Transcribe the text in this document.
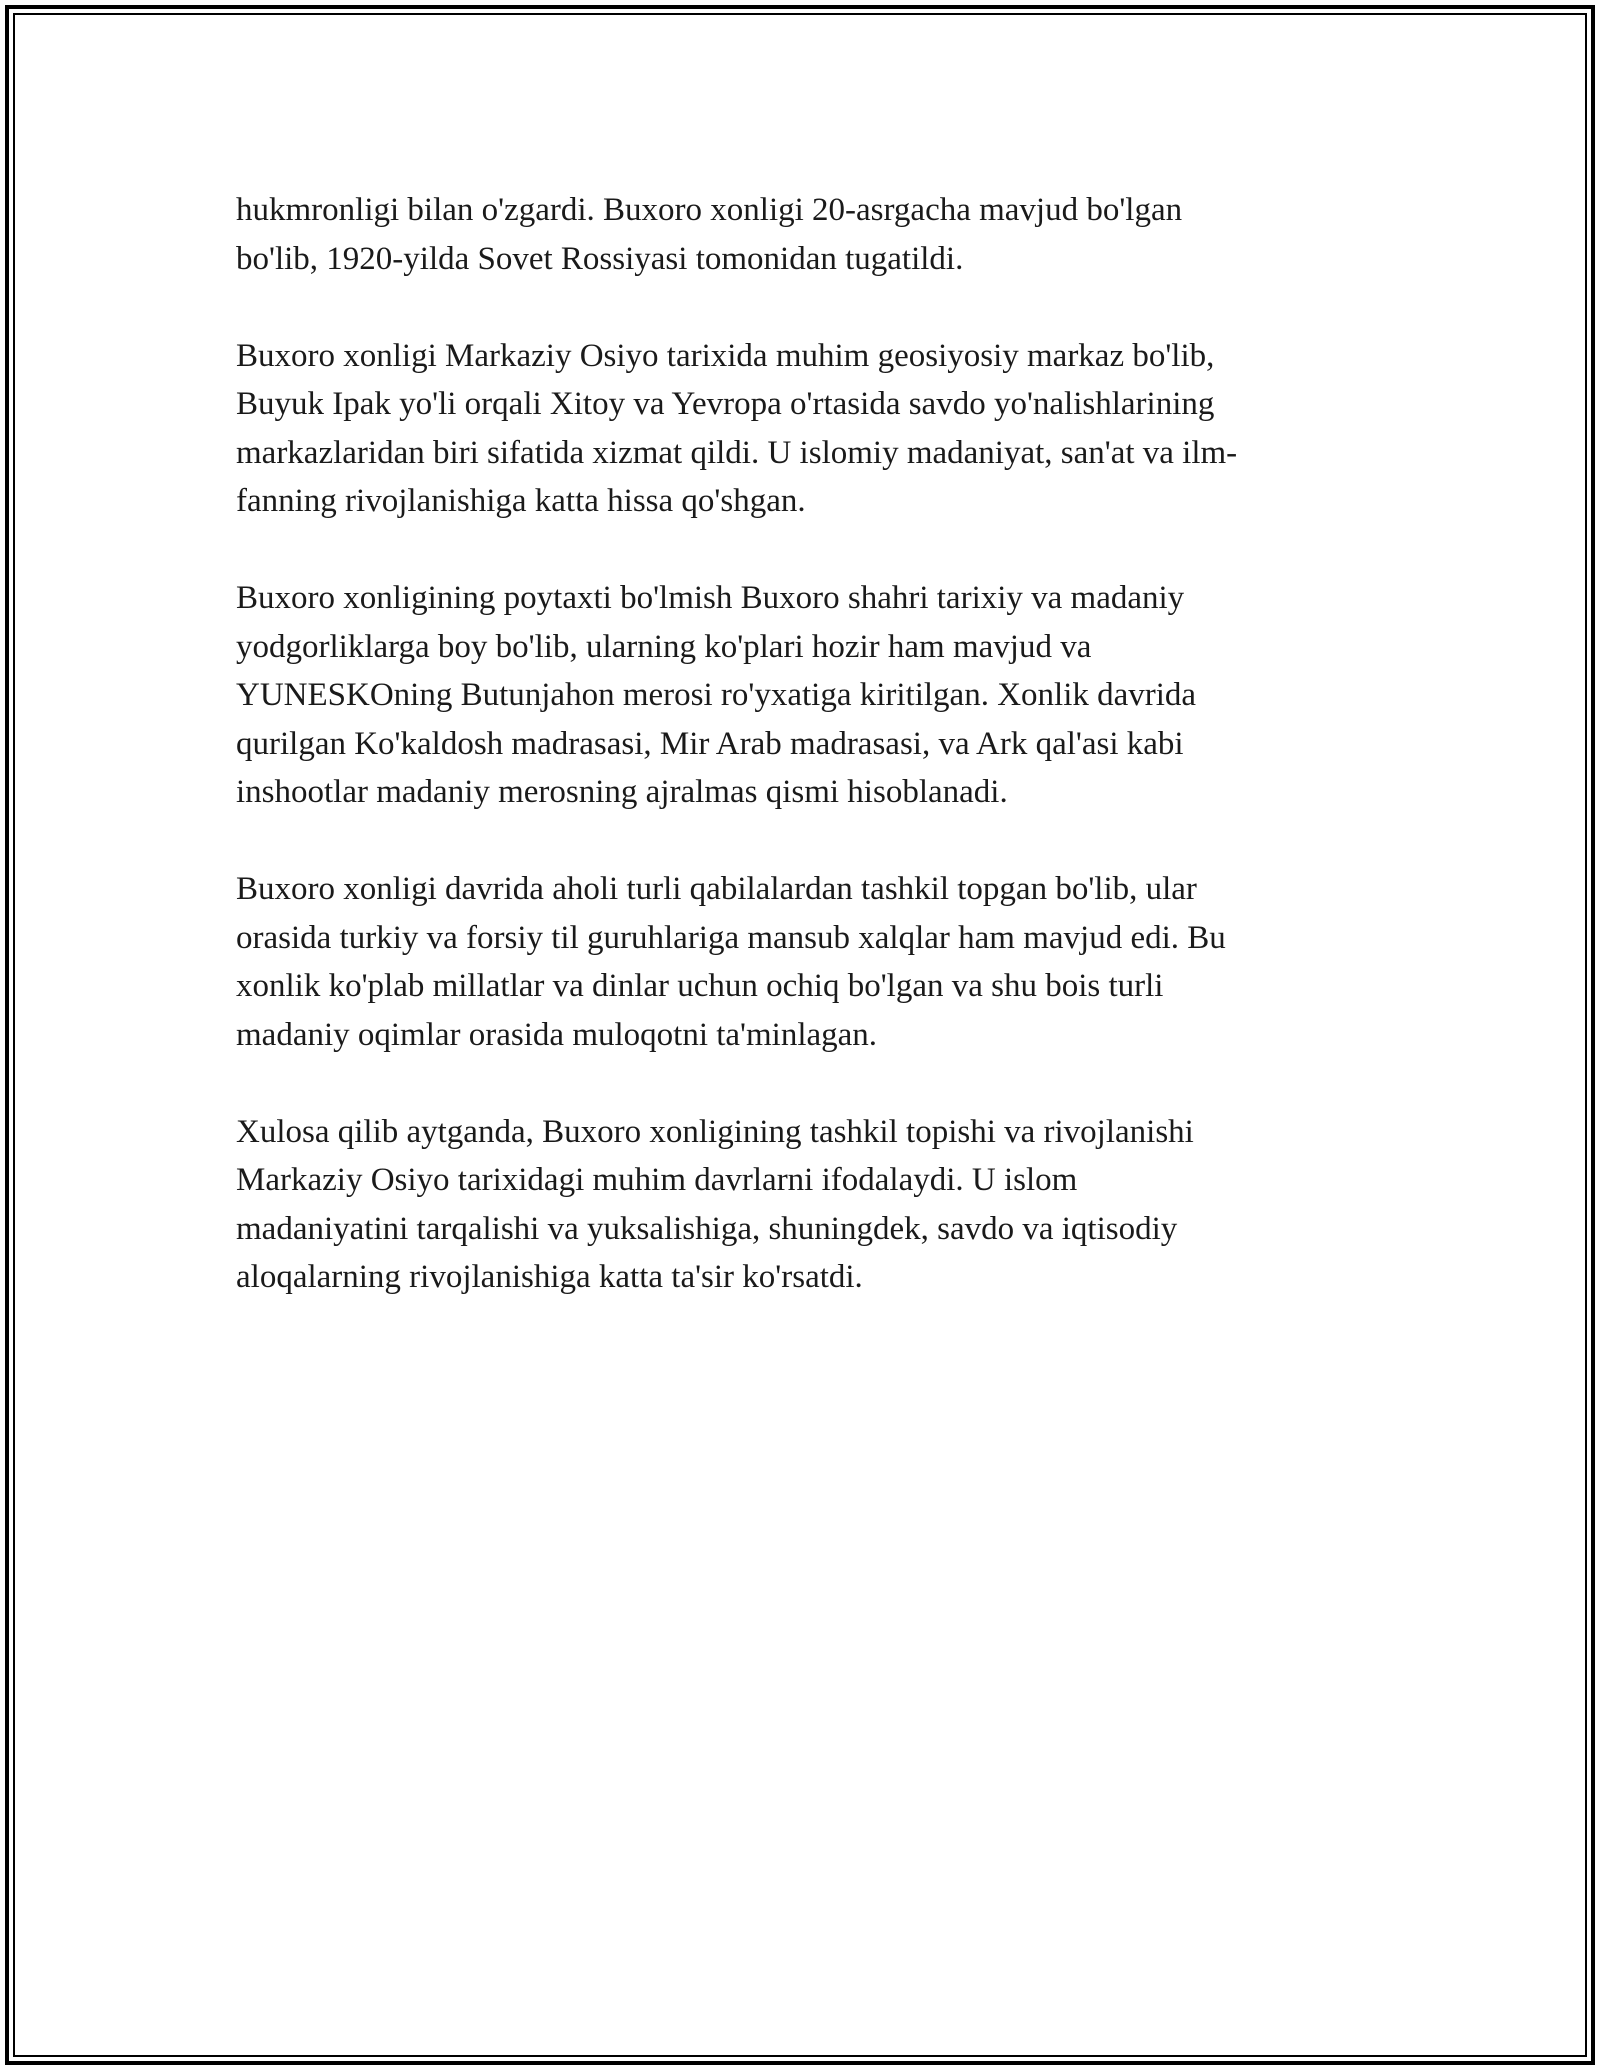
hukmronligi bilan o'zgardi. Buxoro xonligi 20-asrgacha mavjud bo'lgan
bo'lib, 1920-yilda Sovet Rossiyasi tomonidan tugatildi.

Buxoro xonligi Markaziy Osiyo tarixida muhim geosiyosiy markaz bo'lib,
Buyuk Ipak yo'li orqali Xitoy va Yevropa o'rtasida savdo yo'nalishlarining
markazlaridan biri sifatida xizmat qildi. U islomiy madaniyat, san'at va ilm-
fanning rivojlanishiga katta hissa qo'shgan.

Buxoro xonligining poytaxti bo'lmish Buxoro shahri tarixiy va madaniy
yodgorliklarga boy bo'lib, ularning ko'plari hozir ham mavjud va
YUNESKOning Butunjahon merosi ro'yxatiga kiritilgan. Xonlik davrida
qurilgan Ko'kaldosh madrasasi, Mir Arab madrasasi, va Ark qal'asi kabi
inshootlar madaniy merosning ajralmas qismi hisoblanadi.

Buxoro xonligi davrida aholi turli qabilalardan tashkil topgan bo'lib, ular
orasida turkiy va forsiy til guruhlariga mansub xalqlar ham mavjud edi. Bu
xonlik ko'plab millatlar va dinlar uchun ochiq bo'lgan va shu bois turli
madaniy oqimlar orasida muloqotni ta'minlagan.

Xulosa qilib aytganda, Buxoro xonligining tashkil topishi va rivojlanishi
Markaziy Osiyo tarixidagi muhim davrlarni ifodalaydi. U islom
madaniyatini tarqalishi va yuksalishiga, shuningdek, savdo va iqtisodiy
aloqalarning rivojlanishiga katta ta'sir ko'rsatdi.
